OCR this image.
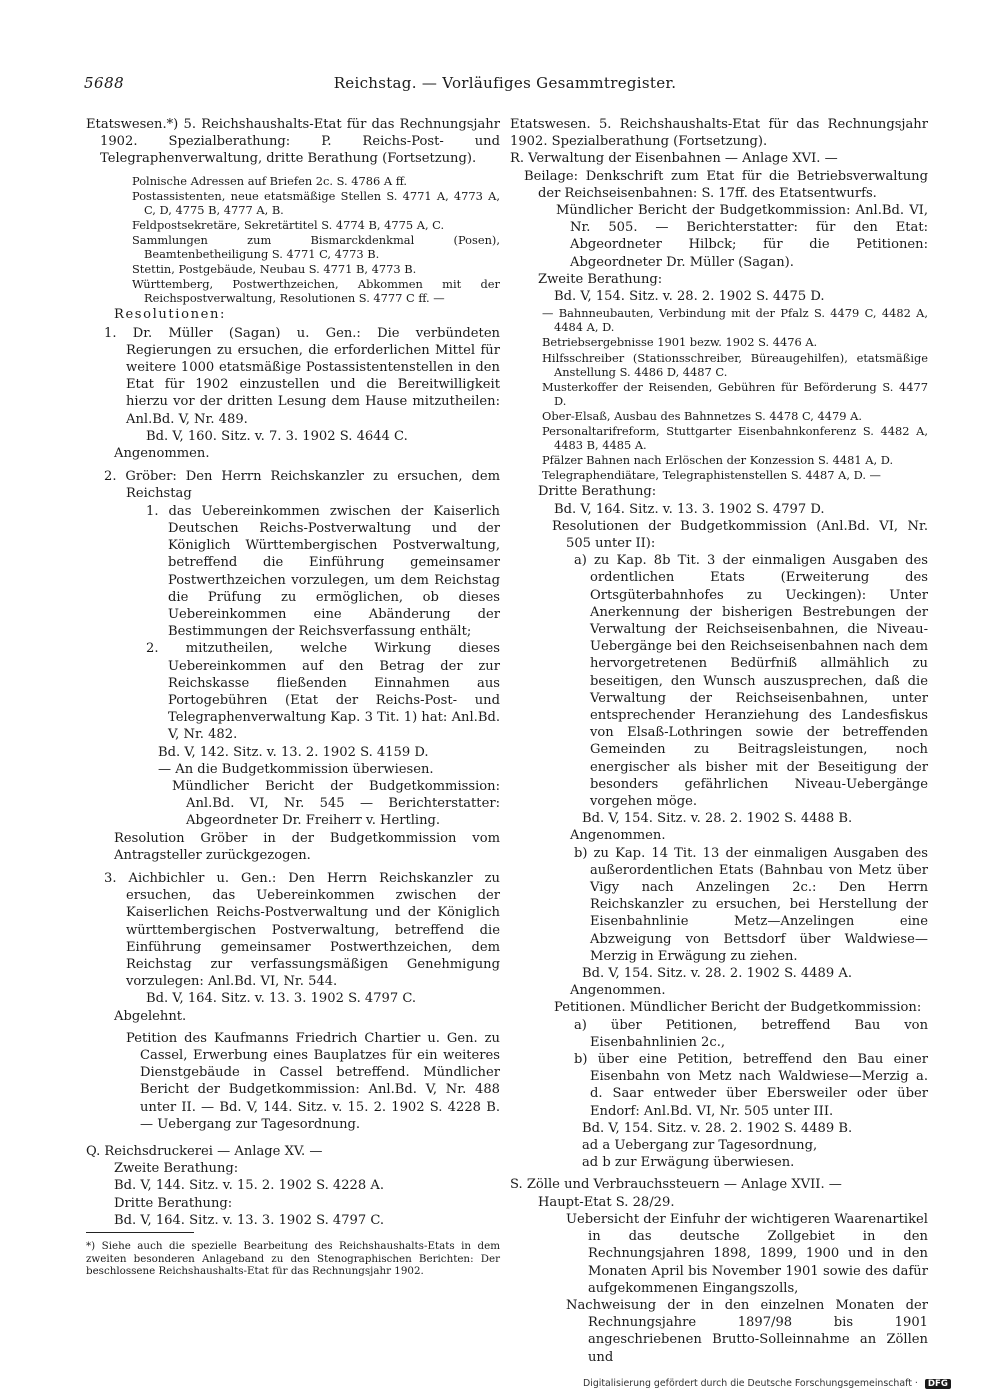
5688	Reichstag. — Vorläufiges Gesammtregister.

Etatswesen.*) 5. Reichshaushalts-Etat für das Rechnungsjahr 1902. Spezialberathung: P. Reichs-Post- und Telegraphenverwaltung, dritte Berathung (Fortsetzung).

Polnische Adressen auf Briefen 2c. S. 4786 A ff.

Postassistenten, neue etatsmäßige Stellen S. 4771 A, 4773 A, C, D, 4775 B, 4777 A, B.

Feldpostsekretäre, Sekretärtitel S. 4774 B, 4775 A, C.

Sammlungen zum Bismarckdenkmal (Posen), Beamtenbetheiligung S. 4771 C, 4773 B.

Stettin, Postgebäude, Neubau S. 4771 B, 4773 B.

Württemberg, Postwerthzeichen, Abkommen mit der Reichspostverwaltung, Resolutionen S. 4777 C ff. —

Resolutionen:

1. Dr. Müller (Sagan) u. Gen.: Die verbündeten Regierungen zu ersuchen, die erforderlichen Mittel für weitere 1000 etatsmäßige Postassistentenstellen in den Etat für 1902 einzustellen und die Bereitwilligkeit hierzu vor der dritten Lesung dem Hause mitzutheilen: Anl.Bd. V, Nr. 489.

Bd. V, 160. Sitz. v. 7. 3. 1902 S. 4644 C.

Angenommen.

2. Gröber: Den Herrn Reichskanzler zu ersuchen, dem Reichstag

1. das Uebereinkommen zwischen der Kaiserlich Deutschen Reichs-Postverwaltung und der Königlich Württembergischen Postverwaltung, betreffend die Einführung gemeinsamer Postwerthzeichen vorzulegen, um dem Reichstag die Prüfung zu ermöglichen, ob dieses Uebereinkommen eine Abänderung der Bestimmungen der Reichsverfassung enthält;

2. mitzutheilen, welche Wirkung dieses Uebereinkommen auf den Betrag der zur Reichskasse fließenden Einnahmen aus Portogebühren (Etat der Reichs-Post- und Telegraphenverwaltung Kap. 3 Tit. 1) hat: Anl.Bd. V, Nr. 482.

Bd. V, 142. Sitz. v. 13. 2. 1902 S. 4159 D.

— An die Budgetkommission überwiesen.

Mündlicher Bericht der Budgetkommission: Anl.Bd. VI, Nr. 545 — Berichterstatter: Abgeordneter Dr. Freiherr v. Hertling.

Resolution Gröber in der Budgetkommission vom Antragsteller zurückgezogen.

3. Aichbichler u. Gen.: Den Herrn Reichskanzler zu ersuchen, das Uebereinkommen zwischen der Kaiserlichen Reichs-Postverwaltung und der Königlich württembergischen Postverwaltung, betreffend die Einführung gemeinsamer Postwerthzeichen, dem Reichstag zur verfassungsmäßigen Genehmigung vorzulegen: Anl.Bd. VI, Nr. 544.

Bd. V, 164. Sitz. v. 13. 3. 1902 S. 4797 C.

Abgelehnt.

Petition des Kaufmanns Friedrich Chartier u. Gen. zu Cassel, Erwerbung eines Bauplatzes für ein weiteres Dienstgebäude in Cassel betreffend. Mündlicher Bericht der Budgetkommission: Anl.Bd. V, Nr. 488 unter II. — Bd. V, 144. Sitz. v. 15. 2. 1902 S. 4228 B. — Uebergang zur Tagesordnung.

Q. Reichsdruckerei — Anlage XV. —

Zweite Berathung:

Bd. V, 144. Sitz. v. 15. 2. 1902 S. 4228 A.

Dritte Berathung:

Bd. V, 164. Sitz. v. 13. 3. 1902 S. 4797 C.

*) Siehe auch die spezielle Bearbeitung des Reichshaushalts-Etats in dem zweiten besonderen Anlageband zu den Stenographischen Berichten: Der beschlossene Reichshaushalts-Etat für das Rechnungsjahr 1902.

Etatswesen. 5. Reichshaushalts-Etat für das Rechnungsjahr 1902. Spezialberathung (Fortsetzung).

R. Verwaltung der Eisenbahnen — Anlage XVI. —

Beilage: Denkschrift zum Etat für die Betriebsverwaltung der Reichseisenbahnen: S. 17ff. des Etatsentwurfs.

Mündlicher Bericht der Budgetkommission: Anl.Bd. VI, Nr. 505. — Berichterstatter: für den Etat: Abgeordneter Hilbck; für die Petitionen: Abgeordneter Dr. Müller (Sagan).

Zweite Berathung:

Bd. V, 154. Sitz. v. 28. 2. 1902 S. 4475 D.

— Bahnneubauten, Verbindung mit der Pfalz S. 4479 C, 4482 A, 4484 A, D.

Betriebsergebnisse 1901 bezw. 1902 S. 4476 A.

Hilfsschreiber (Stationsschreiber, Büreaugehilfen), etatsmäßige Anstellung S. 4486 D, 4487 C.

Musterkoffer der Reisenden, Gebühren für Beförderung S. 4477 D.

Ober-Elsaß, Ausbau des Bahnnetzes S. 4478 C, 4479 A.

Personaltarifreform, Stuttgarter Eisenbahnkonferenz S. 4482 A, 4483 B, 4485 A.

Pfälzer Bahnen nach Erlöschen der Konzession S. 4481 A, D.

Telegraphendiätare, Telegraphistenstellen S. 4487 A, D. —

Dritte Berathung:

Bd. V, 164. Sitz. v. 13. 3. 1902 S. 4797 D.

Resolutionen der Budgetkommission (Anl.Bd. VI, Nr. 505 unter II):

a) zu Kap. 8b Tit. 3 der einmaligen Ausgaben des ordentlichen Etats (Erweiterung des Ortsgüterbahnhofes zu Ueckingen): Unter Anerkennung der bisherigen Bestrebungen der Verwaltung der Reichseisenbahnen, die Niveau-Uebergänge bei den Reichseisenbahnen nach dem hervorgetretenen Bedürfniß allmählich zu beseitigen, den Wunsch auszusprechen, daß die Verwaltung der Reichseisenbahnen, unter entsprechender Heranziehung des Landesfiskus von Elsaß-Lothringen sowie der betreffenden Gemeinden zu Beitragsleistungen, noch energischer als bisher mit der Beseitigung der besonders gefährlichen Niveau-Uebergänge vorgehen möge.

Bd. V, 154. Sitz. v. 28. 2. 1902 S. 4488 B.

Angenommen.

b) zu Kap. 14 Tit. 13 der einmaligen Ausgaben des außerordentlichen Etats (Bahnbau von Metz über Vigy nach Anzelingen 2c.: Den Herrn Reichskanzler zu ersuchen, bei Herstellung der Eisenbahnlinie Metz—Anzelingen eine Abzweigung von Bettsdorf über Waldwiese—Merzig in Erwägung zu ziehen.

Bd. V, 154. Sitz. v. 28. 2. 1902 S. 4489 A.

Angenommen.

Petitionen. Mündlicher Bericht der Budgetkommission:

a) über Petitionen, betreffend Bau von Eisenbahnlinien 2c.,

b) über eine Petition, betreffend den Bau einer Eisenbahn von Metz nach Waldwiese—Merzig a. d. Saar entweder über Ebersweiler oder über Endorf: Anl.Bd. VI, Nr. 505 unter III.

Bd. V, 154. Sitz. v. 28. 2. 1902 S. 4489 B.

ad a Uebergang zur Tagesordnung,

ad b zur Erwägung überwiesen.

S. Zölle und Verbrauchssteuern — Anlage XVII. —

Haupt-Etat S. 28/29.

Uebersicht der Einfuhr der wichtigeren Waarenartikel in das deutsche Zollgebiet in den Rechnungsjahren 1898, 1899, 1900 und in den Monaten April bis November 1901 sowie des dafür aufgekommenen Eingangszolls,

Nachweisung der in den einzelnen Monaten der Rechnungsjahre 1897/98 bis 1901 angeschriebenen Brutto-Solleinnahme an Zöllen und

Digitalisierung gefördert durch die Deutsche Forschungsgemeinschaft · DFG
